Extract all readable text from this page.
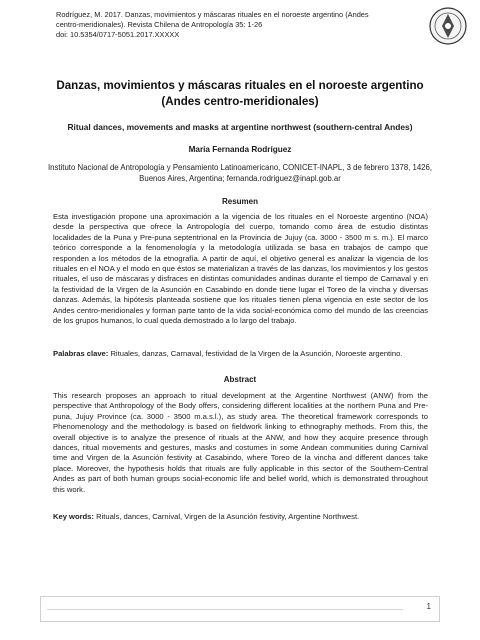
Rodríguez, M. 2017. Danzas, movimientos y máscaras rituales en el noroeste argentino (Andes
centro-meridionales). Revista Chilena de Antropología 35: 1-26
doi: 10.5354/0717-5051.2017.XXXXX
Danzas, movimientos y máscaras rituales en el noroeste argentino (Andes centro-meridionales)
Ritual dances, movements and masks at argentine northwest (southern-central Andes)
María Fernanda Rodríguez
Instituto Nacional de Antropología y Pensamiento Latinoamericano, CONICET-INAPL, 3 de febrero 1378, 1426, Buenos Aires, Argentina; fernanda.rodriguez@inapl.gob.ar
Resumen
Esta investigación propone una aproximación a la vigencia de los rituales en el Noroeste argentino (NOA) desde la perspectiva que ofrece la Antropología del cuerpo, tomando como área de estudio distintas localidades de la Puna y Pre-puna septentrional en la Provincia de Jujuy (ca. 3000 - 3500 m s. m.). El marco teórico corresponde a la fenomenología y la metodología utilizada se basa en trabajos de campo que responden a los métodos de la etnografía. A partir de aquí, el objetivo general es analizar la vigencia de los rituales en el NOA y el modo en que éstos se materializan a través de las danzas, los movimientos y los gestos rituales, el uso de máscaras y disfraces en distintas comunidades andinas durante el tiempo de Carnaval y en la festividad de la Virgen de la Asunción en Casabindo en donde tiene lugar el Toreo de la vincha y diversas danzas. Además, la hipótesis planteada sostiene que los rituales tienen plena vigencia en este sector de los Andes centro-meridionales y forman parte tanto de la vida social-económica como del mundo de las creencias de los grupos humanos, lo cual queda demostrado a lo largo del trabajo.
Palabras clave: Rituales, danzas, Carnaval, festividad de la Virgen de la Asunción, Noroeste argentino.
Abstract
This research proposes an approach to ritual development at the Argentine Northwest (ANW) from the perspective that Anthropology of the Body offers, considering different localities at the northern Puna and Pre-puna, Jujuy Province (ca. 3000 - 3500 m.a.s.l.), as study area. The theoretical framework corresponds to Phenomenology and the methodology is based on fieldwork linking to ethnography methods. From this, the overall objective is to analyze the presence of rituals at the ANW, and how they acquire presence through dances, ritual movements and gestures, masks and costumes in some Andean communities during Carnival time and Virgen de la Asunción festivity at Casabindo, where Toreo de la vincha and different dances take place. Moreover, the hypothesis holds that rituals are fully applicable in this sector of the Southern-Central Andes as part of both human groups social-economic life and belief world, which is demonstrated throughout this work.
Key words: Rituals, dances, Carnival, Virgen de la Asunción festivity, Argentine Northwest.
1
